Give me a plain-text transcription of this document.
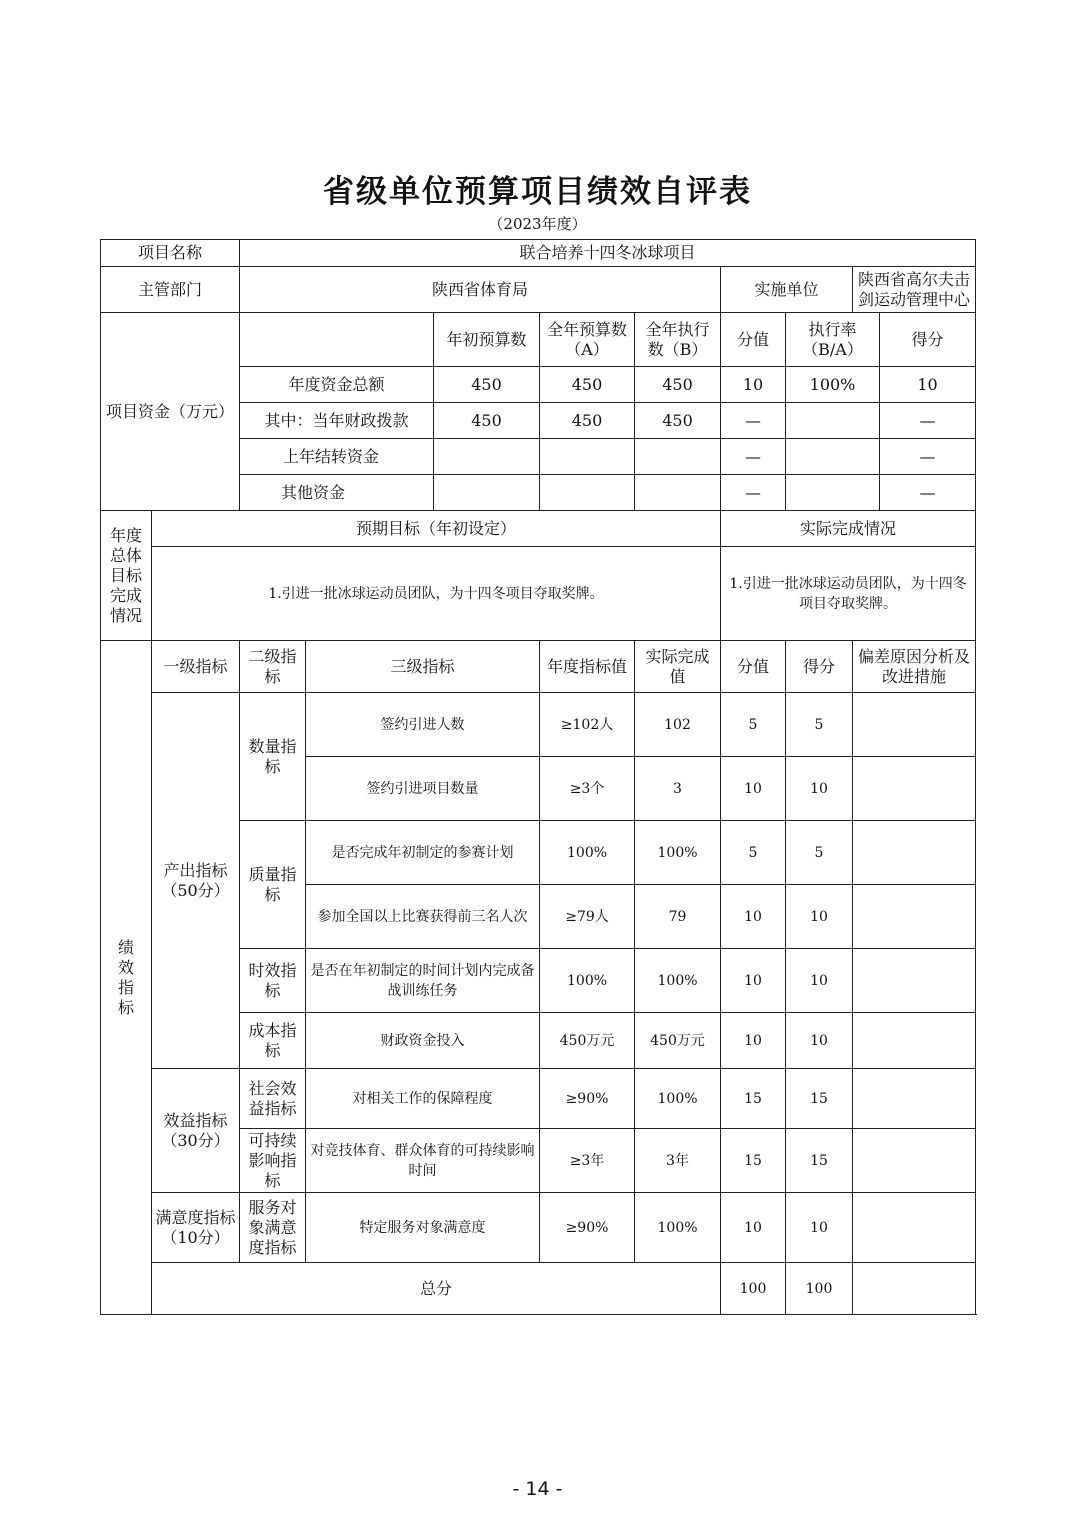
省级单位预算项目绩效自评表
（2023年度）
项目名称		联合培养十四冬冰球项目								
主管部门		陕西省体育局					实施单位		陕西省高尔夫击剑运动管理中心	
项目资金（万元）				年初预算数	全年预算数（A）	全年执行数（B）	分值	执行率（B/A）		得分
		年度资金总额		450	450	450	10	100%		10
		其中：当年财政拨款		450	450	450	—			—
		上年结转资金					—			—
		其他资金					—			—
年度总体目标完成情况	预期目标（年初设定）						实际完成情况			
	1.引进一批冰球运动员团队，为十四冬项目夺取奖牌。						1.引进一批冰球运动员团队，为十四冬项目夺取奖牌。			
绩效指标	一级指标	二级指标	三级指标		年度指标值	实际完成值	分值	得分	偏差原因分析及改进措施	
	产出指标（50分）	数量指标	签约引进人数		≥102人	102	5	5		
			签约引进项目数量		≥3个	3	10	10		
		质量指标	是否完成年初制定的参赛计划		100%	100%	5	5		
			参加全国以上比赛获得前三名人次		≥79人	79	10	10		
		时效指标	是否在年初制定的时间计划内完成备战训练任务		100%	100%	10	10		
		成本指标	财政资金投入		450万元	450万元	10	10		
	效益指标（30分）	社会效益指标	对相关工作的保障程度		≥90%	100%	15	15		
		可持续影响指标	对竞技体育、群众体育的可持续影响时间		≥3年	3年	15	15		
	满意度指标（10分）	服务对象满意度指标	特定服务对象满意度		≥90%	100%	10	10		
	总分						100	100		
- 14 -
